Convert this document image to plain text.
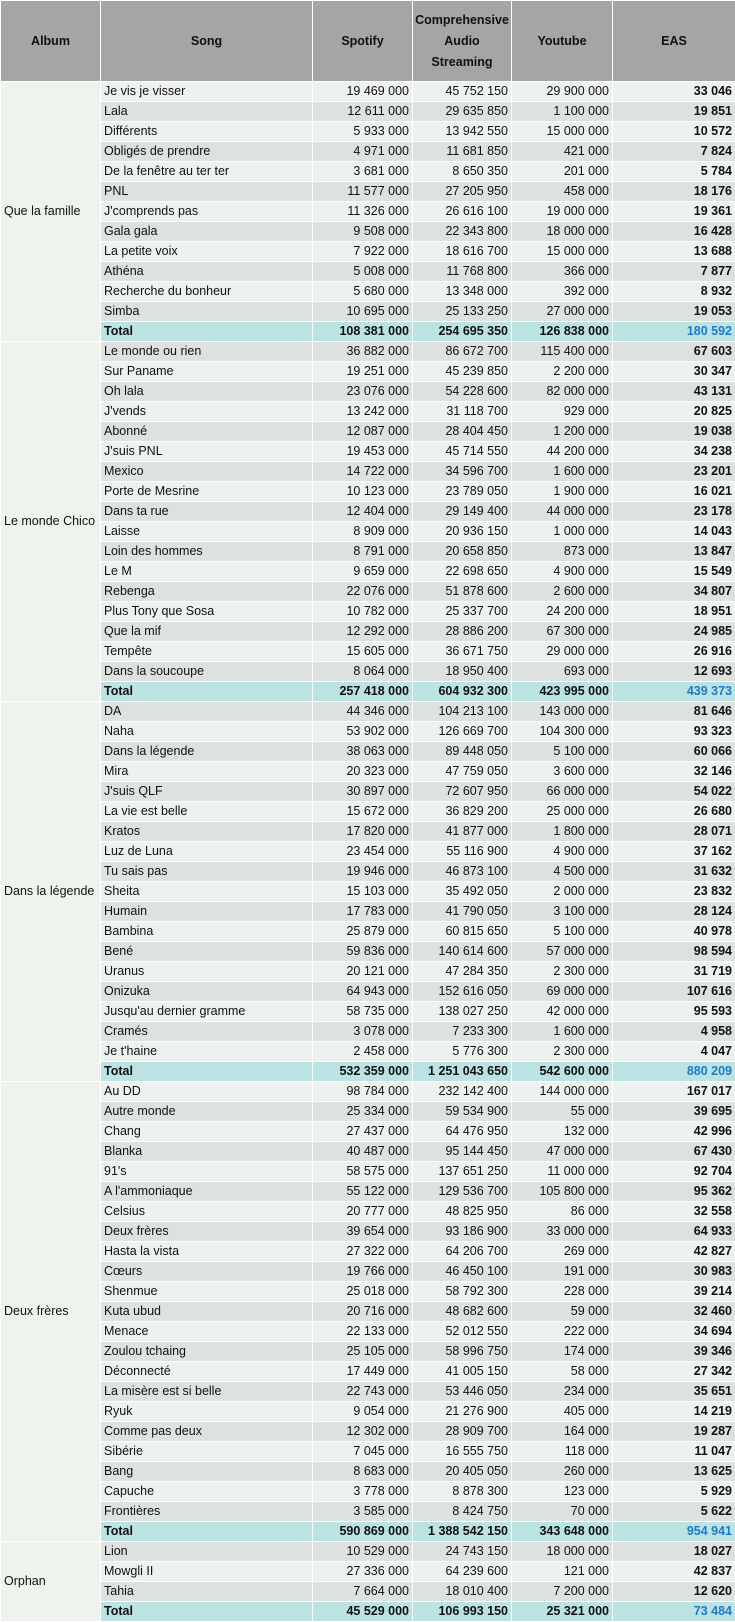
Album	Song	Spotify	Comprehensive Audio Streaming	Youtube	EAS
Que la famille	Je vis je visser	19 469 000	45 752 150	29 900 000	33 046
	Lala	12 611 000	29 635 850	1 100 000	19 851
	Différents	5 933 000	13 942 550	15 000 000	10 572
	Obligés de prendre	4 971 000	11 681 850	421 000	7 824
	De la fenêtre au ter ter	3 681 000	8 650 350	201 000	5 784
	PNL	11 577 000	27 205 950	458 000	18 176
	J'comprends pas	11 326 000	26 616 100	19 000 000	19 361
	Gala gala	9 508 000	22 343 800	18 000 000	16 428
	La petite voix	7 922 000	18 616 700	15 000 000	13 688
	Athéna	5 008 000	11 768 800	366 000	7 877
	Recherche du bonheur	5 680 000	13 348 000	392 000	8 932
	Simba	10 695 000	25 133 250	27 000 000	19 053
	Total	108 381 000	254 695 350	126 838 000	180 592
Le monde Chico	Le monde ou rien	36 882 000	86 672 700	115 400 000	67 603
	Sur Paname	19 251 000	45 239 850	2 200 000	30 347
	Oh lala	23 076 000	54 228 600	82 000 000	43 131
	J'vends	13 242 000	31 118 700	929 000	20 825
	Abonné	12 087 000	28 404 450	1 200 000	19 038
	J'suis PNL	19 453 000	45 714 550	44 200 000	34 238
	Mexico	14 722 000	34 596 700	1 600 000	23 201
	Porte de Mesrine	10 123 000	23 789 050	1 900 000	16 021
	Dans ta rue	12 404 000	29 149 400	44 000 000	23 178
	Laisse	8 909 000	20 936 150	1 000 000	14 043
	Loin des hommes	8 791 000	20 658 850	873 000	13 847
	Le M	9 659 000	22 698 650	4 900 000	15 549
	Rebenga	22 076 000	51 878 600	2 600 000	34 807
	Plus Tony que Sosa	10 782 000	25 337 700	24 200 000	18 951
	Que la mif	12 292 000	28 886 200	67 300 000	24 985
	Tempête	15 605 000	36 671 750	29 000 000	26 916
	Dans la soucoupe	8 064 000	18 950 400	693 000	12 693
	Total	257 418 000	604 932 300	423 995 000	439 373
Dans la légende	DA	44 346 000	104 213 100	143 000 000	81 646
	Naha	53 902 000	126 669 700	104 300 000	93 323
	Dans la légende	38 063 000	89 448 050	5 100 000	60 066
	Mira	20 323 000	47 759 050	3 600 000	32 146
	J'suis QLF	30 897 000	72 607 950	66 000 000	54 022
	La vie est belle	15 672 000	36 829 200	25 000 000	26 680
	Kratos	17 820 000	41 877 000	1 800 000	28 071
	Luz de Luna	23 454 000	55 116 900	4 900 000	37 162
	Tu sais pas	19 946 000	46 873 100	4 500 000	31 632
	Sheita	15 103 000	35 492 050	2 000 000	23 832
	Humain	17 783 000	41 790 050	3 100 000	28 124
	Bambina	25 879 000	60 815 650	5 100 000	40 978
	Bené	59 836 000	140 614 600	57 000 000	98 594
	Uranus	20 121 000	47 284 350	2 300 000	31 719
	Onizuka	64 943 000	152 616 050	69 000 000	107 616
	Jusqu'au dernier gramme	58 735 000	138 027 250	42 000 000	95 593
	Cramés	3 078 000	7 233 300	1 600 000	4 958
	Je t'haine	2 458 000	5 776 300	2 300 000	4 047
	Total	532 359 000	1 251 043 650	542 600 000	880 209
Deux frères	Au DD	98 784 000	232 142 400	144 000 000	167 017
	Autre monde	25 334 000	59 534 900	55 000	39 695
	Chang	27 437 000	64 476 950	132 000	42 996
	Blanka	40 487 000	95 144 450	47 000 000	67 430
	91's	58 575 000	137 651 250	11 000 000	92 704
	A l'ammoniaque	55 122 000	129 536 700	105 800 000	95 362
	Celsius	20 777 000	48 825 950	86 000	32 558
	Deux frères	39 654 000	93 186 900	33 000 000	64 933
	Hasta la vista	27 322 000	64 206 700	269 000	42 827
	Cœurs	19 766 000	46 450 100	191 000	30 983
	Shenmue	25 018 000	58 792 300	228 000	39 214
	Kuta ubud	20 716 000	48 682 600	59 000	32 460
	Menace	22 133 000	52 012 550	222 000	34 694
	Zoulou tchaing	25 105 000	58 996 750	174 000	39 346
	Déconnecté	17 449 000	41 005 150	58 000	27 342
	La misère est si belle	22 743 000	53 446 050	234 000	35 651
	Ryuk	9 054 000	21 276 900	405 000	14 219
	Comme pas deux	12 302 000	28 909 700	164 000	19 287
	Sibérie	7 045 000	16 555 750	118 000	11 047
	Bang	8 683 000	20 405 050	260 000	13 625
	Capuche	3 778 000	8 878 300	123 000	5 929
	Frontières	3 585 000	8 424 750	70 000	5 622
	Total	590 869 000	1 388 542 150	343 648 000	954 941
Orphan	Lion	10 529 000	24 743 150	18 000 000	18 027
	Mowgli II	27 336 000	64 239 600	121 000	42 837
	Tahia	7 664 000	18 010 400	7 200 000	12 620
	Total	45 529 000	106 993 150	25 321 000	73 484
